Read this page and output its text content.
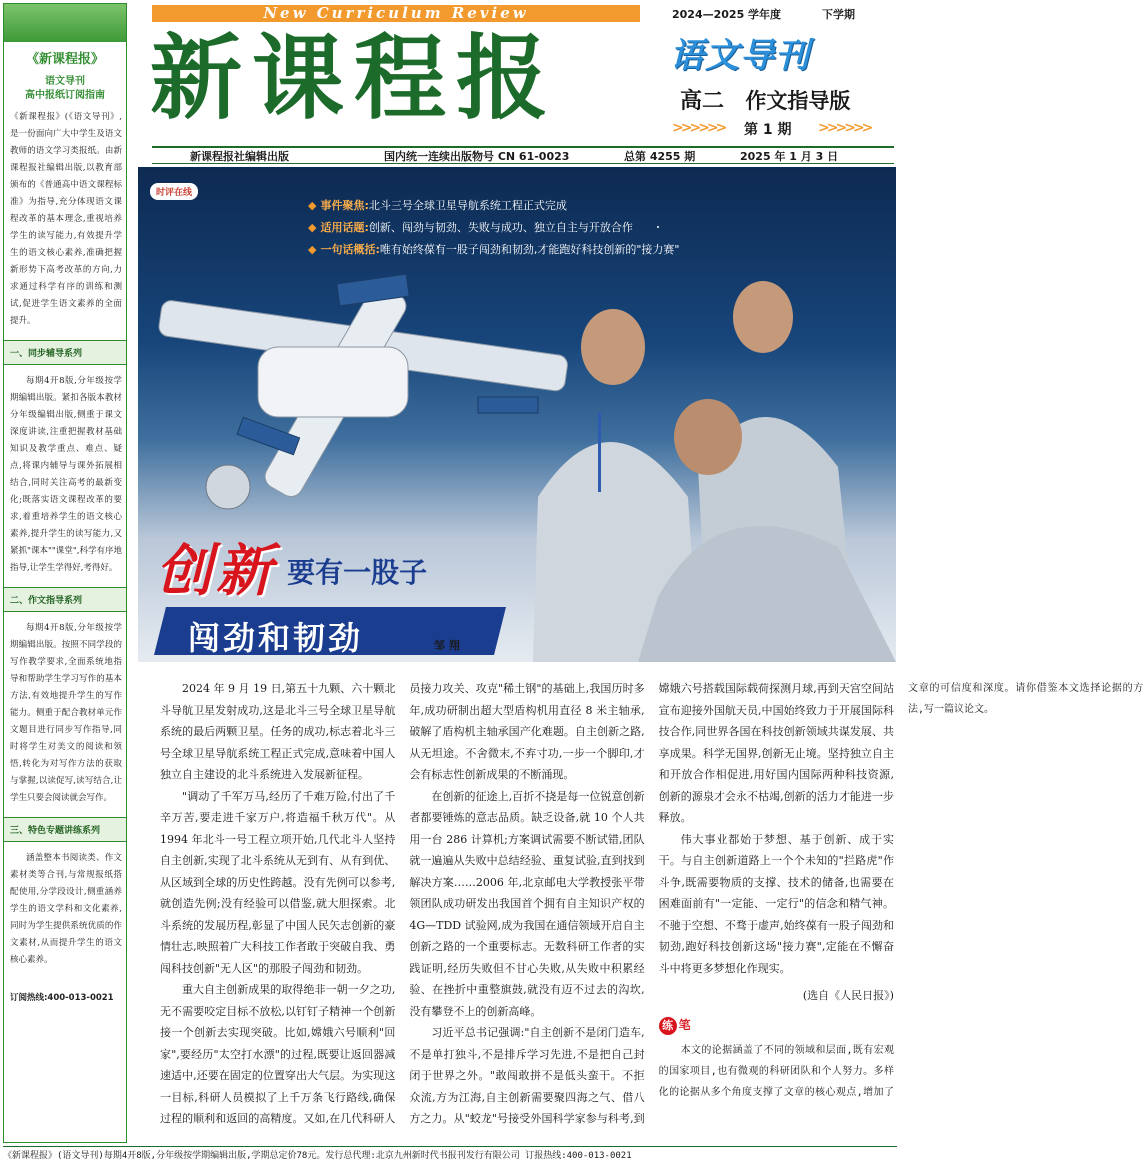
《新课程报》
语文导刊
高中报纸订阅指南
《新课程报》(《语文导刊》,是一份面向广大中学生及语文教师的语文学习类报纸。由新课程报社编辑出版,以教育部颁布的《普通高中语文课程标准》为指导,充分体现语文课程改革的基本理念,重视培养学生的读写能力,有效提升学生的语文核心素养,准确把握新形势下高考改革的方向,力求通过科学有序的训练和测试,促进学生语文素养的全面提升。
一、同步辅导系列
每期4开8版,分年级按学期编辑出版。紧扣各版本教材分年级编辑出版,侧重于课文深度讲读,注重把握教材基础知识及教学重点、难点、疑点,将课内辅导与课外拓展相结合,同时关注高考的最新变化;既落实语文课程改革的要求,着重培养学生的语文核心素养,提升学生的读写能力,又紧抓"课本""课堂",科学有序地指导,让学生学得好,考得好。
二、作文指导系列
每期4开8版,分年级按学期编辑出版。按照不同学段的写作教学要求,全面系统地指导和帮助学生学习写作的基本方法,有效地提升学生的写作能力。侧重于配合教材单元作文题目进行同步写作指导,同时将学生对美文的阅读和领悟,转化为对写作方法的获取与掌握,以读促写,读写结合,让学生只要会阅读就会写作。
三、特色专题讲练系列
涵盖整本书阅读类、作文素材类等合刊,与常规报纸搭配使用,分学段设计,侧重涵养学生的语文学科和文化素养,同时为学生提供系统优质的作文素材,从而提升学生的语文核心素养。
订阅热线:400-013-0021
New Curriculum Review
新课程报
2024—2025 学年度	下学期
语文导刊
高二 作文指导版
>>>>>> 第 1 期 >>>>>>
新课程报社编辑出版	国内统一连续出版物号 CN 61-0023	总第 4255 期	2025 年 1 月 3 日
时评在线
◆ 事件聚焦:北斗三号全球卫星导航系统工程正式完成
◆ 适用话题:创新、闯劲与韧劲、失败与成功、独立自主与开放合作
◆ 一句话概括:唯有始终葆有一股子闯劲和韧劲,才能跑好科技创新的"接力赛"
创新 要有一股子
闯劲和韧劲	邹 翔

2024 年 9 月 19 日,第五十九颗、六十颗北斗导航卫星发射成功,这是北斗三号全球卫星导航系统的最后两颗卫星。任务的成功,标志着北斗三号全球卫星导航系统工程正式完成,意味着中国人独立自主建设的北斗系统进入发展新征程。

"调动了千军万马,经历了千难万险,付出了千辛万苦,要走进千家万户,将造福千秋万代"。从 1994 年北斗一号工程立项开始,几代北斗人坚持自主创新,实现了北斗系统从无到有、从有到优、从区域到全球的历史性跨越。没有先例可以参考,就创造先例;没有经验可以借鉴,就大胆探索。北斗系统的发展历程,彰显了中国人民矢志创新的豪情壮志,映照着广大科技工作者敢于突破自我、勇闯科技创新"无人区"的那股子闯劲和韧劲。

重大自主创新成果的取得绝非一朝一夕之功,无不需要咬定目标不放松,以钉钉子精神一个创新接一个创新去实现突破。比如,嫦娥六号顺利"回家",要经历"太空打水漂"的过程,既要让返回器减速适中,还要在固定的位置穿出大气层。为实现这一目标,科研人员模拟了上千万条飞行路线,确保过程的顺利和返回的高精度。又如,在几代科研人员接力攻关、攻克"稀土钢"的基础上,我国历时多年,成功研制出超大型盾构机用直径 8 米主轴承,破解了盾构机主轴承国产化难题。自主创新之路,从无坦途。不舍微末,不弃寸功,一步一个脚印,才会有标志性创新成果的不断涌现。

在创新的征途上,百折不挠是每一位锐意创新者都要锤炼的意志品质。缺乏设备,就 10 个人共用一台 286 计算机;方案调试需要不断试错,团队就一遍遍从失败中总结经验、重复试验,直到找到解决方案……2006 年,北京邮电大学教授张平带领团队成功研发出我国首个拥有自主知识产权的 4G—TDD 试验网,成为我国在通信领域开启自主创新之路的一个重要标志。无数科研工作者的实践证明,经历失败但不甘心失败,从失败中积累经验、在挫折中重整旗鼓,就没有迈不过去的沟坎,没有攀登不上的创新高峰。

习近平总书记强调:"自主创新不是闭门造车,不是单打独斗,不是排斥学习先进,不是把自己封闭于世界之外。"敢闯敢拼不是低头蛮干。不拒众流,方为江海,自主创新需要聚四海之气、借八方之力。从"蛟龙"号接受外国科学家参与科考,到嫦娥六号搭载国际载荷探测月球,再到天宫空间站宣布迎接外国航天员,中国始终致力于开展国际科技合作,同世界各国在科技创新领域共谋发展、共享成果。科学无国界,创新无止境。坚持独立自主和开放合作相促进,用好国内国际两种科技资源,创新的源泉才会永不枯竭,创新的活力才能进一步释放。

伟大事业都始于梦想、基于创新、成于实干。与自主创新道路上一个个未知的"拦路虎"作斗争,既需要物质的支撑、技术的储备,也需要在困难面前有"一定能、一定行"的信念和精气神。不驰于空想、不骛于虚声,始终葆有一股子闯劲和韧劲,跑好科技创新这场"接力赛",定能在不懈奋斗中将更多梦想化作现实。

(选自《人民日报》)

练 笔

本文的论据涵盖了不同的领域和层面,既有宏观的国家项目,也有微观的科研团队和个人努力。多样化的论据从多个角度支撑了文章的核心观点,增加了文章的可信度和深度。请你借鉴本文选择论据的方法,写一篇议论文。

《新课程报》(语文导刊)每期4开8版,分年级按学期编辑出版,学期总定价78元。发行总代理:北京九州新时代书报刊发行有限公司 订报热线:400-013-0021
